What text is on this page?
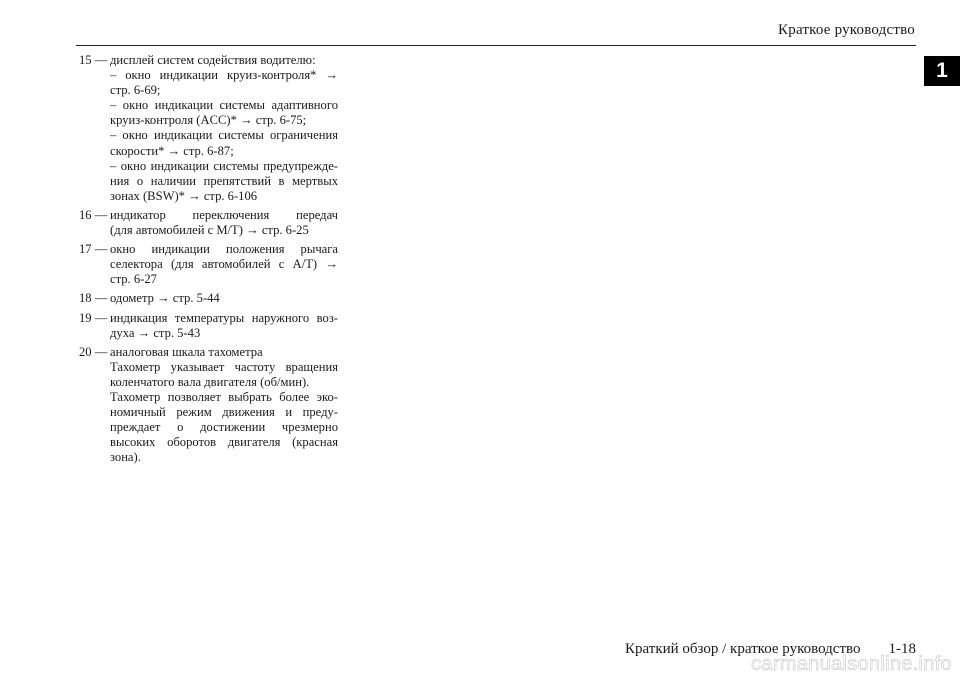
Краткое руководство
1
15 — дисплей систем содействия водителю:
– окно индикации круиз-контроля* →
стр. 6-69;
– окно индикации системы адаптивного
круиз-контроля (ACC)* → стр. 6-75;
– окно индикации системы ограничения
скорости* → стр. 6-87;
– окно индикации системы предупрежде-
ния о наличии препятствий в мертвых
зонах (BSW)* → стр. 6-106
16 — индикатор переключения передач
(для автомобилей с M/T) → стр. 6-25
17 — окно индикации положения рычага
селектора (для автомобилей с A/T) →
стр. 6-27
18 — одометр → стр. 5-44
19 — индикация температуры наружного воз-
духа → стр. 5-43
20 — аналоговая шкала тахометра
Тахометр указывает частоту вращения
коленчатого вала двигателя (об/мин).
Тахометр позволяет выбрать более эко-
номичный режим движения и преду-
преждает о достижении чрезмерно
высоких оборотов двигателя (красная
зона).
Краткий обзор / краткое руководство 1-18
carmanualsonline.info
